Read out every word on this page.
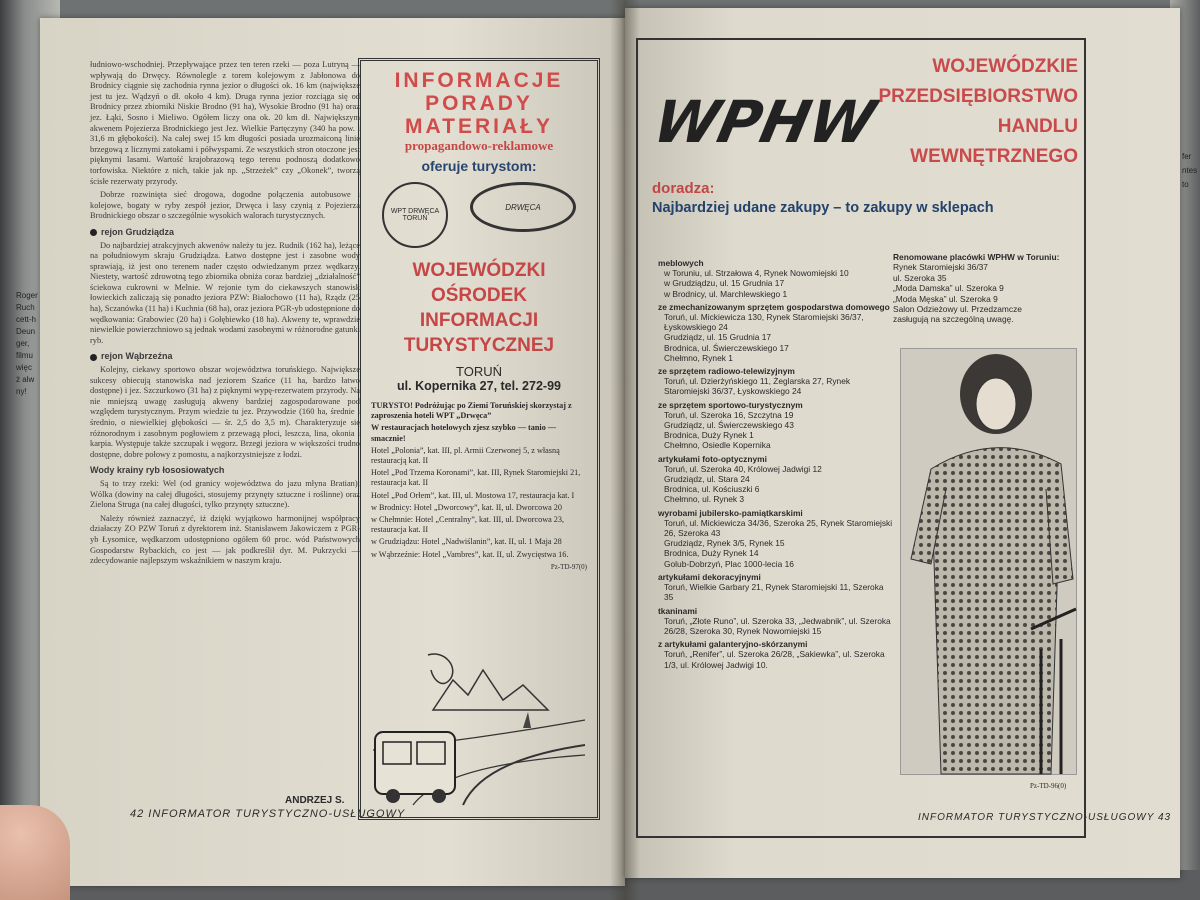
Roger
Ruch
cett-h
Deun
ger,
filmu
więc
ż alw
ny!
fer
ntes
to

łudniowo-wschodniej. Przepływające przez ten teren rzeki — poza Lutryną — wpływają do Drwęcy. Równolegle z torem kolejowym z Jabłonowa do Brodnicy ciągnie się zachodnia rynna jezior o długości ok. 16 km (największe jest tu jez. Wądzyń o dł. około 4 km). Druga rynna jezior rozciąga się od Brodnicy przez zbiorniki Niskie Brodno (91 ha), Wysokie Brodno (91 ha) oraz jez. Łąki, Sosno i Mieliwo. Ogółem liczy ona ok. 20 km dł. Największym akwenem Pojezierza Brodnickiego jest Jez. Wielkie Partęczyny (340 ha pow. i 31,6 m głębokości). Na całej swej 15 km długości posiada urozmaiconą linię brzegową z licznymi zatokami i półwyspami. Ze wszystkich stron otoczone jest pięknymi lasami. Wartość krajobrazową tego terenu podnoszą dodatkowo torfowiska. Niektóre z nich, takie jak np. „Strzeżek” czy „Okonek”, tworzą ścisłe rezerwaty przyrody.

Dobrze rozwinięta sieć drogowa, dogodne połączenia autobusowe i kolejowe, bogaty w ryby zespół jezior, Drwęca i lasy czynią z Pojezierza Brodnickiego obszar o szczególnie wysokich walorach turystycznych.

rejon Grudziądza

Do najbardziej atrakcyjnych akwenów należy tu jez. Rudnik (162 ha), leżące na południowym skraju Grudziądza. Łatwo dostępne jest i zasobne wody sprawiają, iż jest ono terenem nader często odwiedzanym przez wędkarzy. Niestety, wartość zdrowotną tego zbiornika obniża coraz bardziej „działalność” ściekowa cukrowni w Melnie. W rejonie tym do ciekawszych stanowisk łowieckich zaliczają się ponadto jeziora PZW: Białochowo (11 ha), Rządz (25 ha), Sczanówka (11 ha) i Kuchnia (68 ha), oraz jeziora PGR-yb udostępnione do wędkowania: Grabowiec (20 ha) i Gołębiewko (18 ha). Akweny te, wprawdzie niewielkie powierzchniowo są jednak wodami zasobnymi w różnorodne gatunki ryb.

rejon Wąbrzeźna

Kolejny, ciekawy sportowo obszar województwa toruńskiego. Największe sukcesy obiecują stanowiska nad jeziorem Szańce (11 ha, bardzo łatwo dostępne) i jez. Szczurkowo (31 ha) z pięknymi wypę-rezerwatem przyrody. Na nie mniejszą uwagę zasługują akweny bardziej zagospodarowane pod względem turystycznym. Przym wiedzie tu jez. Przywodzie (160 ha, średnie i średnio, o niewielkiej głębokości — śr. 2,5 do 3,5 m). Charakteryzuje się różnorodnym i zasobnym pogłowiem z przewagą płoci, leszcza, lina, okonia i karpia. Występuje także szczupak i węgorz. Brzegi jeziora w większości trudno dostępne, dobre połowy z pomostu, a najkorzystniejsze z łodzi.

Wody krainy ryb łososiowatych

Są to trzy rzeki: Wel (od granicy województwa do jazu młyna Bratian); Wólka (dowiny na całej długości, stosujemy przynęty sztuczne i roślinne) oraz Zielona Struga (na całej długości, tylko przynęty sztuczne).

Należy również zaznaczyć, iż dzięki wyjątkowo harmonijnej współpracy działaczy ZO PZW Toruń z dyrektorem inż. Stanisławem Jakowiczem z PGR-yb Łysomice, wędkarzom udostępniono ogółem 60 proc. wód Państwowych Gospodarstw Rybackich, co jest — jak podkreślił dyr. M. Pukrzycki — zdecydowanie najlepszym wskaźnikiem w naszym kraju.

ANDRZEJ S.
42 INFORMATOR TURYSTYCZNO-USŁUGOWY
INFORMACJE
PORADY
MATERIAŁY
propagandowo-reklamowe
oferuje turystom:
WPT DRWĘCA TORUŃ
DRWĘCA
WOJEWÓDZKI OŚRODEK
INFORMACJI
TURYSTYCZNEJ
TORUŃ
ul. Kopernika 27, tel. 272-99

TURYSTO! Podróżując po Ziemi Toruńskiej skorzystaj z zaproszenia hoteli WPT „Drwęca”

W restauracjach hotelowych zjesz szybko — tanio — smacznie!

Hotel „Polonia”, kat. III, pl. Armii Czerwonej 5, z własną restauracją kat. II

Hotel „Pod Trzema Koronami”, kat. III, Rynek Staromiejski 21, restauracja kat. II

Hotel „Pod Orłem”, kat. III, ul. Mostowa 17, restauracja kat. I

w Brodnicy: Hotel „Dworcowy”, kat. II, ul. Dworcowa 20

w Chełmnie: Hotel „Centralny”, kat. III, ul. Dworcowa 23, restauracja kat. II

w Grudziądzu: Hotel „Nadwiślanin”, kat. II, ul. 1 Maja 28

w Wąbrzeźnie: Hotel „Vambres”, kat. II, ul. Zwycięstwa 16.

Pz-TD-97(0)
WPHW
WOJEWÓDZKIE
PRZEDSIĘBIORSTWO
HANDLU
WEWNĘTRZNEGO
doradza:
Najbardziej udane zakupy – to zakupy w sklepach
meblowych
w Toruniu, ul. Strzałowa 4, Rynek Nowomiejski 10
w Grudziądzu, ul. 15 Grudnia 17
w Brodnicy, ul. Marchlewskiego 1
ze zmechanizowanym sprzętem gospodarstwa domowego
Toruń, ul. Mickiewicza 130, Rynek Staromiejski 36/37, Łyskowskiego 24
Grudziądz, ul. 15 Grudnia 17
Brodnica, ul. Świerczewskiego 17
Chełmno, Rynek 1
ze sprzętem radiowo-telewizyjnym
Toruń, ul. Dzierżyńskiego 11, Żeglarska 27, Rynek Staromiejski 36/37, Łyskowskiego 24
ze sprzętem sportowo-turystycznym
Toruń, ul. Szeroka 16, Szczytna 19
Grudziądz, ul. Świerczewskiego 43
Brodnica, Duży Rynek 1
Chełmno, Osiedle Kopernika
artykułami foto-optycznymi
Toruń, ul. Szeroka 40, Królowej Jadwigi 12
Grudziądz, ul. Stara 24
Brodnica, ul. Kościuszki 6
Chełmno, ul. Rynek 3
wyrobami jubilersko-pamiątkarskimi
Toruń, ul. Mickiewicza 34/36, Szeroka 25, Rynek Staromiejski 26, Szeroka 43
Grudziądz, Rynek 3/5, Rynek 15
Brodnica, Duży Rynek 14
Golub-Dobrzyń, Plac 1000-lecia 16
artykułami dekoracyjnymi
Toruń, Wielkie Garbary 21, Rynek Staromiejski 11, Szeroka 35
tkaninami
Toruń, „Złote Runo”, ul. Szeroka 33, „Jedwabnik”, ul. Szeroka 26/28, Szeroka 30, Rynek Nowomiejski 15
z artykułami galanteryjno-skórzanymi
Toruń, „Renifer”, ul. Szeroka 26/28, „Sakiewka”, ul. Szeroka 1/3, ul. Królowej Jadwigi 10.
Renomowane placówki WPHW w Toruniu:
Rynek Staromiejski 36/37
ul. Szeroka 35
„Moda Damska” ul. Szeroka 9
„Moda Męska” ul. Szeroka 9
Salon Odzieżowy ul. Przedzamcze
zasługują na szczególną uwagę.
Pz-TD-96(0)
INFORMATOR TURYSTYCZNO-USŁUGOWY 43
